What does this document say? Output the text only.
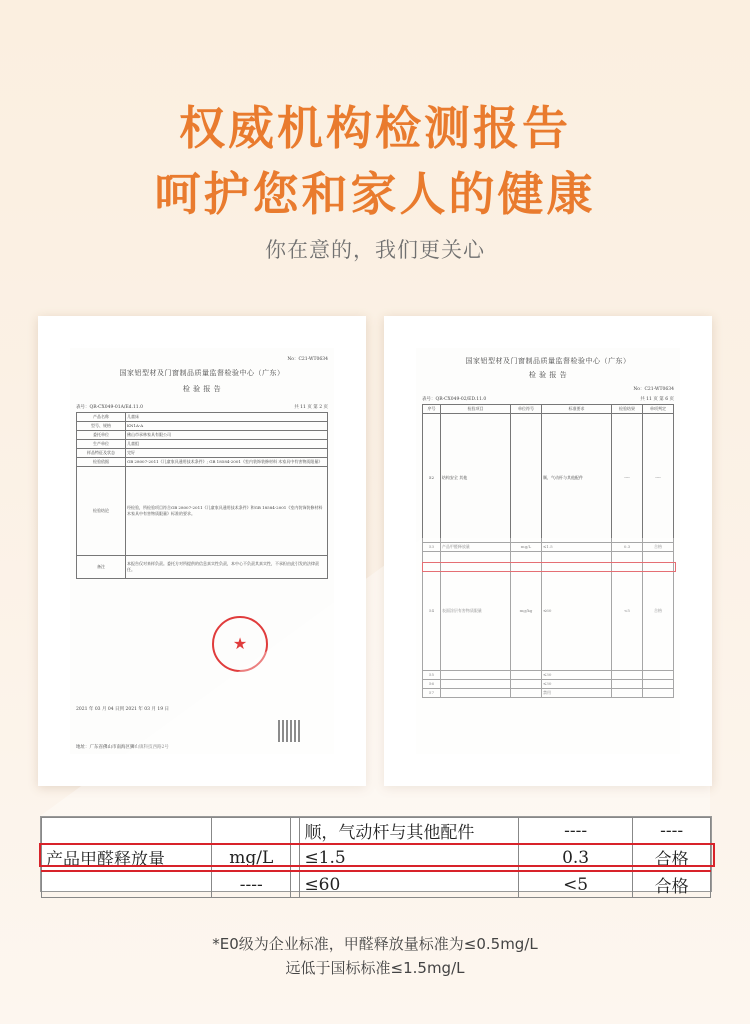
权威机构检测报告
呵护您和家人的健康
你在意的，我们更关心
No：C21-WT0634
国家铝型材及门窗制品质量监督检验中心（广东）
检 验 报 告
表号：QR-CX049-01A/Ed.11.0	共 11 页 第 2 页
产品名称	儿童床
型号、规格	KN1A-A
委托单位	佛山市承林家具有限公司
生产单位	儿童组
样品特征及状态	完好
检验依据	GB 28007-2011《儿童家具通用技术条件》; GB 18584-2001《室内装饰装修材料 木家具中有害物质限量》
检验结论	经检验，所检验项目符合GB 28007-2011《儿童家具通用技术条件》和GB 18584-2001《室内装饰装修材料 木家具中有害物质限量》标准的要求。
备注	本报告仅对来样负责。委托方对所提供的信息真实性负责，本中心不负责其真实性，不承担由此引发的法律责任。
★
2021 年 03 月 04 日到 2021 年 03 月 19 日
地址：广东省佛山市南海区狮山镇科技西路2号
国家铝型材及门窗制品质量监督检验中心（广东）
检 验 报 告
No：C21-WT0634
表号：QR-CX049-02/ED.11.0	共 11 页 第 6 页
序号	检验项目	单位符号	标准要求	检验结果	单项判定
52	结构安全 其他		顺，气动杆与其他配件	----	----
53	产品甲醛释放量	mg/L	≤1.5	0.3	合格
54	表面涂层有害物质限量	mg/kg	≤60	<5	合格
55			≤30		
56			≤30		
57			禁用		
			顺，气动杆与其他配件	----	----
产品甲醛释放量	mg/L		≤1.5	0.3	合格
	----		≤60	<5	合格
*E0级为企业标准，甲醛释放量标准为≤0.5mg/L
远低于国标标准≤1.5mg/L
